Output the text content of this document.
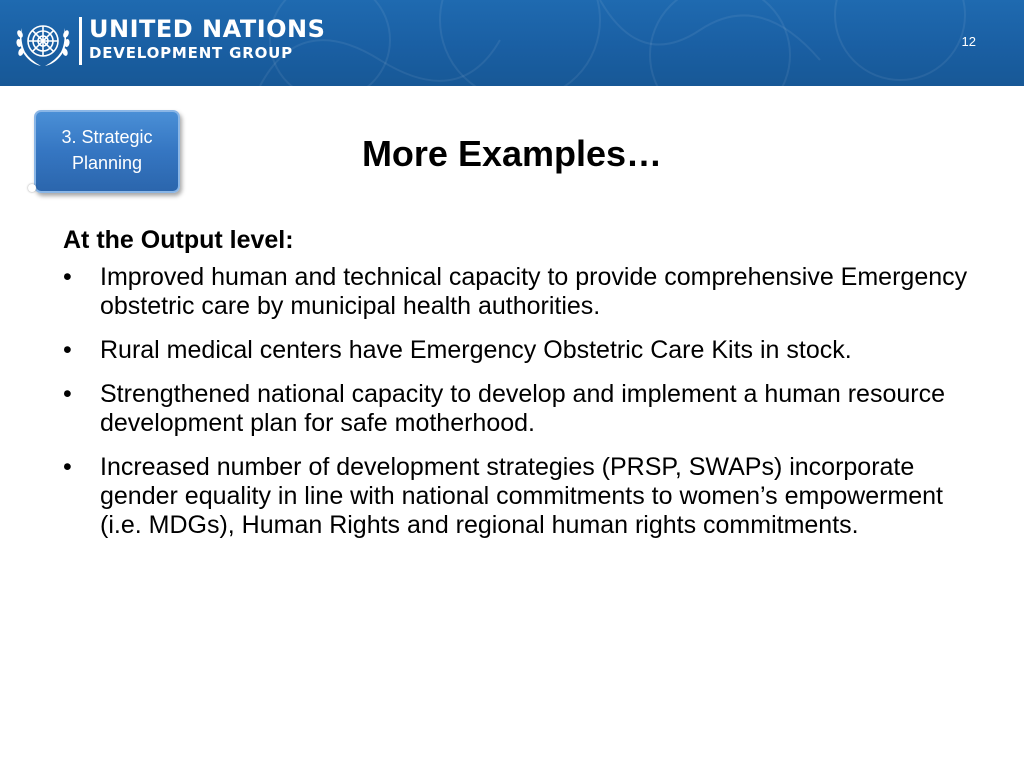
UNITED NATIONS
DEVELOPMENT GROUP
12
3. Strategic
Planning	More Examples…
At the Output level:
• Improved human and technical capacity to provide comprehensive Emergency obstetric care by municipal health authorities.
• Rural medical centers have Emergency Obstetric Care Kits in stock.
• Strengthened national capacity to develop and implement a human resource development plan for safe motherhood.
• Increased number of development strategies (PRSP, SWAPs) incorporate gender equality in line with national commitments to women’s empowerment (i.e. MDGs), Human Rights and regional human rights commitments.
